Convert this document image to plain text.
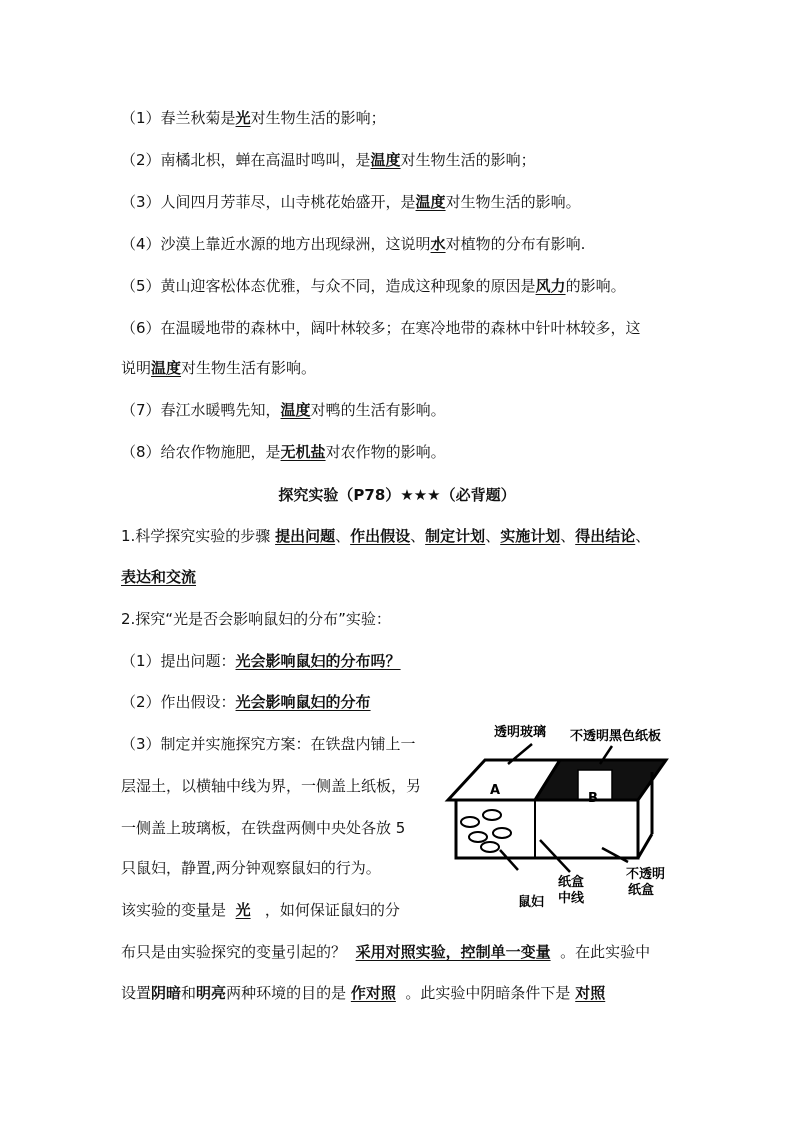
（1）春兰秋菊是光对生物生活的影响；
（2）南橘北枳，蝉在高温时鸣叫，是温度对生物生活的影响；
（3）人间四月芳菲尽，山寺桃花始盛开，是温度对生物生活的影响。
（4）沙漠上靠近水源的地方出现绿洲，这说明水对植物的分布有影响.
（5）黄山迎客松体态优雅，与众不同，造成这种现象的原因是风力的影响。
（6）在温暖地带的森林中，阔叶林较多；在寒冷地带的森林中针叶林较多，这
说明温度对生物生活有影响。
（7）春江水暖鸭先知，温度对鸭的生活有影响。
（8）给农作物施肥，是无机盐对农作物的影响。
探究实验（P78）★★★（必背题）
1.科学探究实验的步骤 提出问题、作出假设、制定计划、实施计划、得出结论、
表达和交流
2.探究“光是否会影响鼠妇的分布”实验：
（1）提出问题：光会影响鼠妇的分布吗？
（2）作出假设：光会影响鼠妇的分布
（3）制定并实施探究方案：在铁盘内铺上一
层湿土，以横轴中线为界，一侧盖上纸板，另
一侧盖上玻璃板，在铁盘两侧中央处各放 5
只鼠妇，静置,两分钟观察鼠妇的行为。
该实验的变量是 光 ，如何保证鼠妇的分
布只是由实验探究的变量引起的？ 采用对照实验，控制单一变量 。在此实验中
设置阴暗和明亮两种环境的目的是 作对照 。此实验中阴暗条件下是 对照
透明玻璃 不透明黑色纸板
A
B
纸盒
中线
不透明
纸盒
鼠妇
